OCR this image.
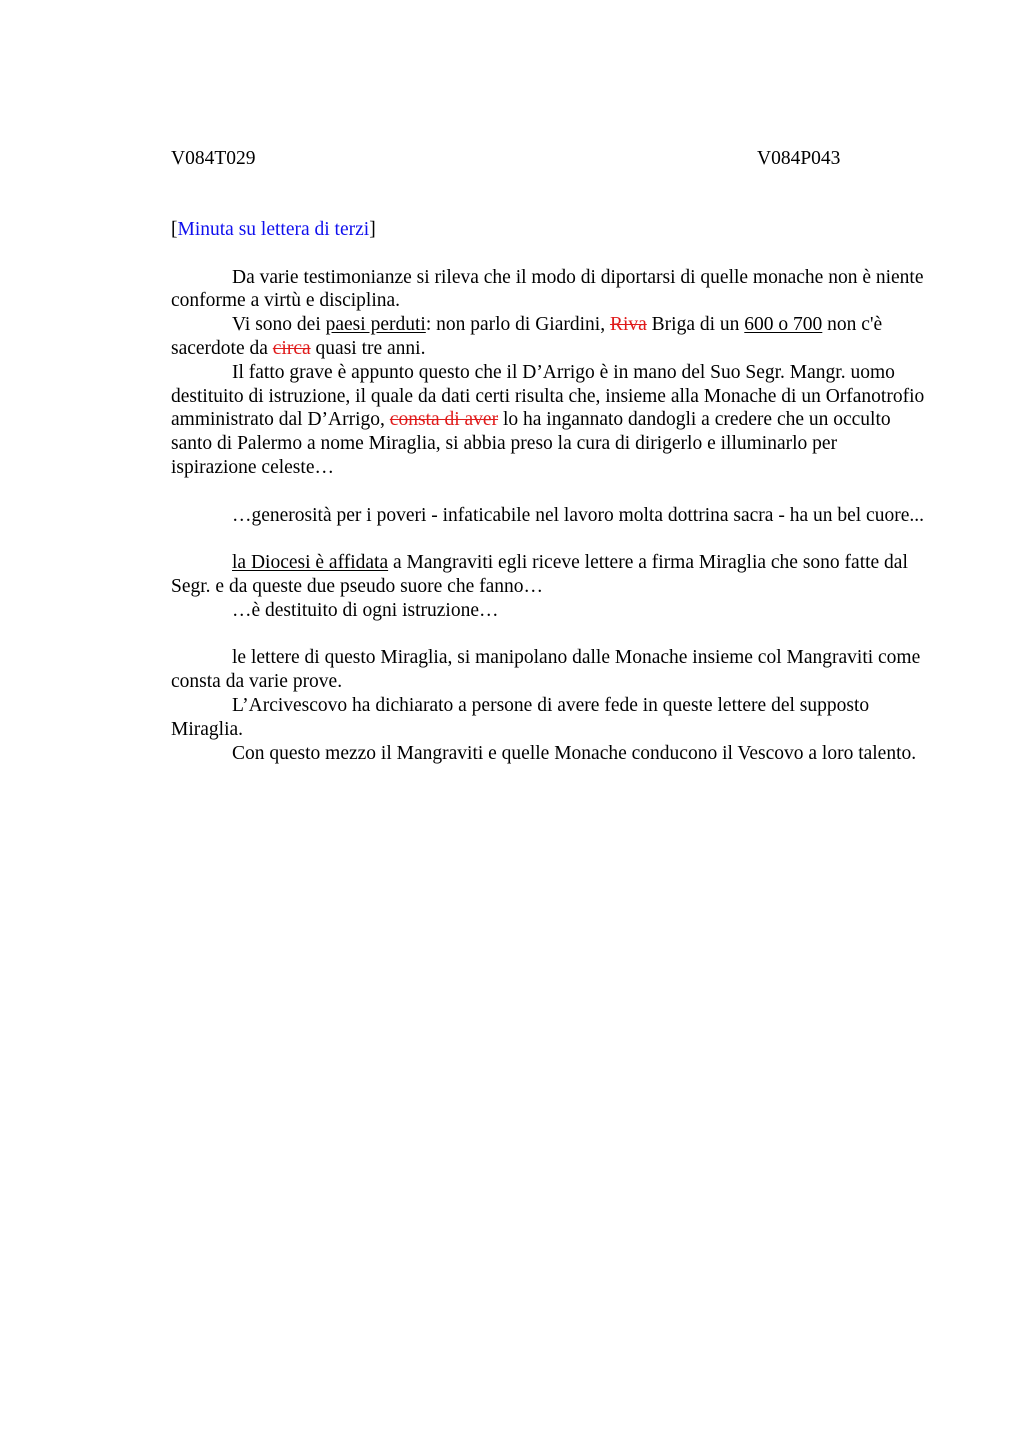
V084T029	V084P043

[Minuta su lettera di terzi]

Da varie testimonianze si rileva che il modo di diportarsi di quelle monache non è niente conforme a virtù e disciplina.

Vi sono dei paesi perduti: non parlo di Giardini, Riva Briga di un 600 o 700 non c'è sacerdote da circa quasi tre anni.

Il fatto grave è appunto questo che il D’Arrigo è in mano del Suo Segr. Mangr. uomo destituito di istruzione, il quale da dati certi risulta che, insieme alla Monache di un Orfanotrofio amministrato dal D’Arrigo, consta di aver lo ha ingannato dandogli a credere che un occulto santo di Palermo a nome Miraglia, si abbia preso la cura di dirigerlo e illuminarlo per ispirazione celeste…

…generosità per i poveri - infaticabile nel lavoro molta dottrina sacra - ha un bel cuore...

la Diocesi è affidata a Mangraviti egli riceve lettere a firma Miraglia che sono fatte dal Segr. e da queste due pseudo suore che fanno…

…è destituito di ogni istruzione…

le lettere di questo Miraglia, si manipolano dalle Monache insieme col Mangraviti come consta da varie prove.

L’Arcivescovo ha dichiarato a persone di avere fede in queste lettere del supposto Miraglia.

Con questo mezzo il Mangraviti e quelle Monache conducono il Vescovo a loro talento.
